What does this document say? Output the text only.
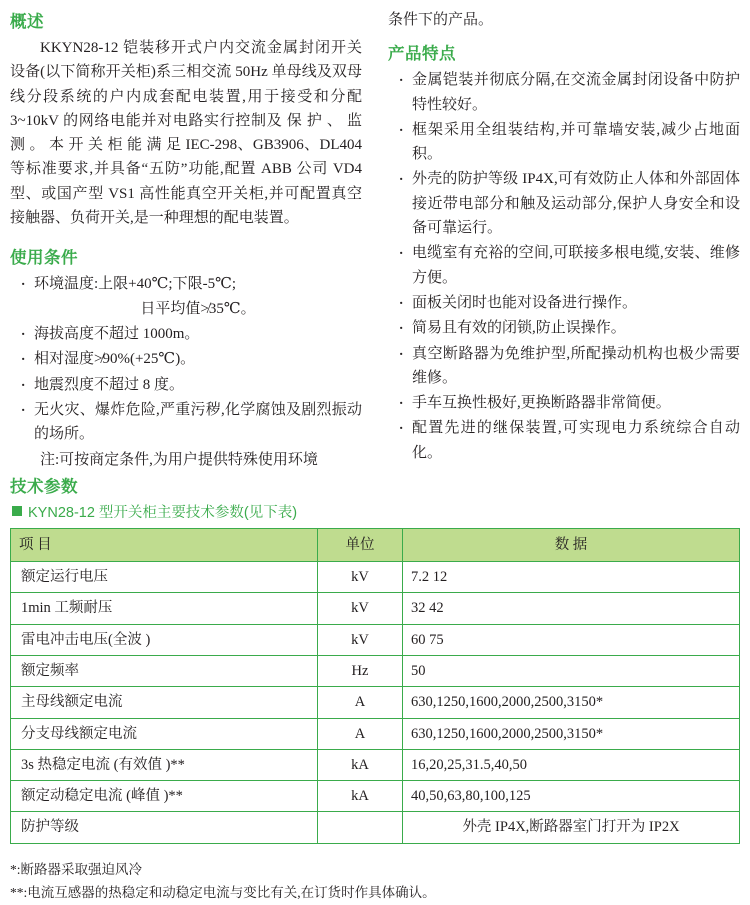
概述

KKYN28-12 铠装移开式户内交流金属封闭开关设备(以下简称开关柜)系三相交流 50Hz 单母线及双母线分段系统的户内成套配电装置,用于接受和分配 3~10kV 的网络电能并对电路实行控制及 保 护 、 监 测 。 本 开 关 柜 能 满 足 IEC-298、GB3906、DL404 等标准要求,并具备“五防”功能,配置 ABB 公司 VD4 型、或国产型 VS1 高性能真空开关柜,并可配置真空接触器、负荷开关,是一种理想的配电装置。

使用条件
· 环境温度:上限+40℃;下限-5℃;
日平均值≯35℃。
· 海拔高度不超过 1000m。
· 相对湿度≯90%(+25℃)。
· 地震烈度不超过 8 度。
· 无火灾、爆炸危险,严重污秽,化学腐蚀及剧烈振动的场所。

注:可按商定条件,为用户提供特殊使用环境

条件下的产品。

产品特点
· 金属铠装并彻底分隔,在交流金属封闭设备中防护特性较好。
· 框架采用全组装结构,并可靠墙安装,减少占地面积。
· 外壳的防护等级 IP4X,可有效防止人体和外部固体接近带电部分和触及运动部分,保护人身安全和设备可靠运行。
· 电缆室有充裕的空间,可联接多根电缆,安装、维修方便。
· 面板关闭时也能对设备进行操作。
· 简易且有效的闭锁,防止误操作。
· 真空断路器为免维护型,所配操动机构也极少需要维修。
· 手车互换性极好,更换断路器非常简便。
· 配置先进的继保装置,可实现电力系统综合自动化。
技术参数
KYN28-12 型开关柜主要技术参数(见下表)
项 目	单位	数 据
额定运行电压	kV	7.2 12
1min 工频耐压	kV	32 42
雷电冲击电压(全波 )	kV	60 75
额定频率	Hz	50
主母线额定电流	A	630,1250,1600,2000,2500,3150*
分支母线额定电流	A	630,1250,1600,2000,2500,3150*
3s 热稳定电流 (有效值 )**	kA	16,20,25,31.5,40,50
额定动稳定电流 (峰值 )**	kA	40,50,63,80,100,125
防护等级		外壳 IP4X,断路器室门打开为 IP2X
*:断路器采取强迫风冷
**:电流互感器的热稳定和动稳定电流与变比有关,在订货时作具体确认。
